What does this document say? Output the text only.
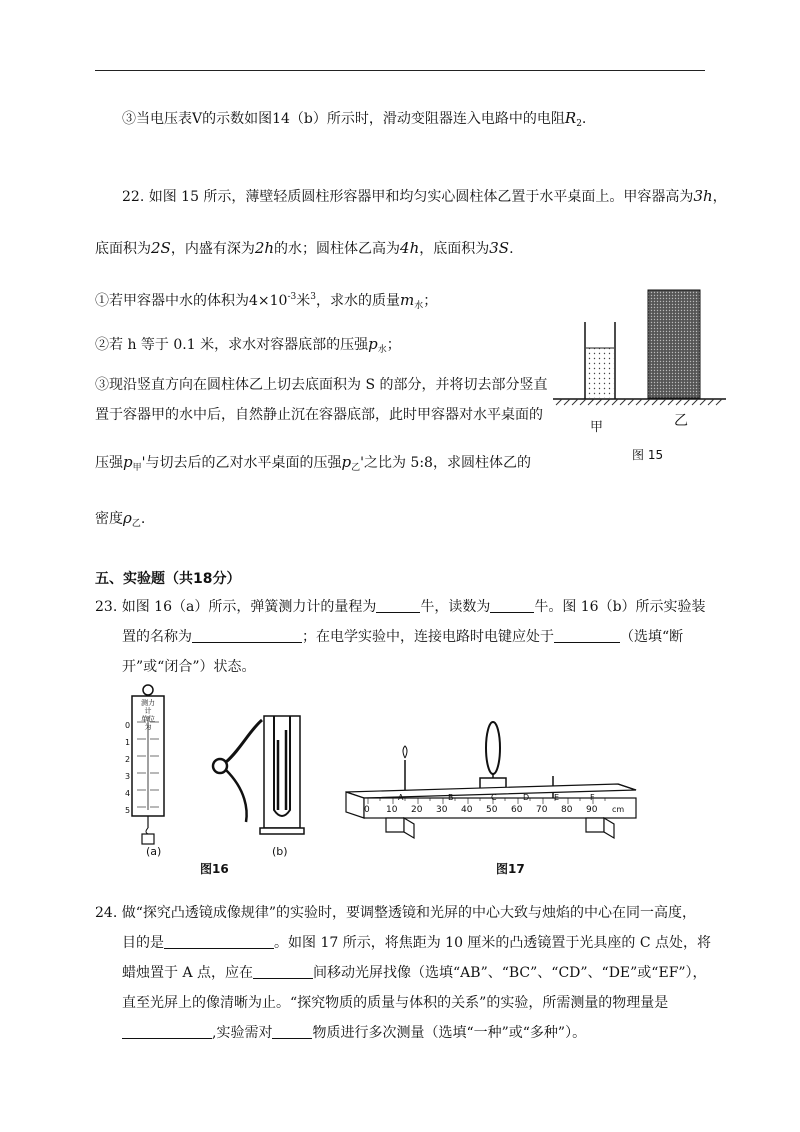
③当电压表V的示数如图14（b）所示时，滑动变阻器连入电路中的电阻$R_2$.
22. 如图 15 所示，薄壁轻质圆柱形容器甲和均匀实心圆柱体乙置于水平桌面上。甲容器高为3h，
底面积为2S，内盛有深为2h的水；圆柱体乙高为4h，底面积为3S.
①若甲容器中水的体积为$4\times 10^{-3}$米$^3$，求水的质量$m_水$；
②若 h 等于 0.1 米，求水对容器底部的压强$p_水$；
③现沿竖直方向在圆柱体乙上切去底面积为 S 的部分，并将切去部分竖直
置于容器甲的水中后，自然静止沉在容器底部，此时甲容器对水平桌面的
压强$p_甲'$与切去后的乙对水平桌面的压强$p_乙'$之比为 5:8，求圆柱体乙的
密度$\rho_乙$.
甲	乙
图 15
五、实验题（共18分）
23. 如图 16（a）所示，弹簧测力计的量程为	牛，读数为	牛。图 16（b）所示实验装
置的名称为	；在电学实验中，连接电路时电键应处于	（选填“断
开”或“闭合”）状态。
测力计
单位为
0
1
2
3
4
5
(a)	(b)
图16
0 10 20 30 40 50 60 70 80 90 cm
A	B	C	D	E	F
图17
24. 做“探究凸透镜成像规律”的实验时，要调整透镜和光屏的中心大致与烛焰的中心在同一高度，
目的是	。如图 17 所示，将焦距为 10 厘米的凸透镜置于光具座的 C 点处，将
蜡烛置于 A 点，应在	间移动光屏找像（选填“AB”、“BC”、“CD”、“DE”或“EF”），
直至光屏上的像清晰为止。“探究物质的质量与体积的关系”的实验，所需测量的物理量是
,实验需对	物质进行多次测量（选填“一种”或“多种”）。
